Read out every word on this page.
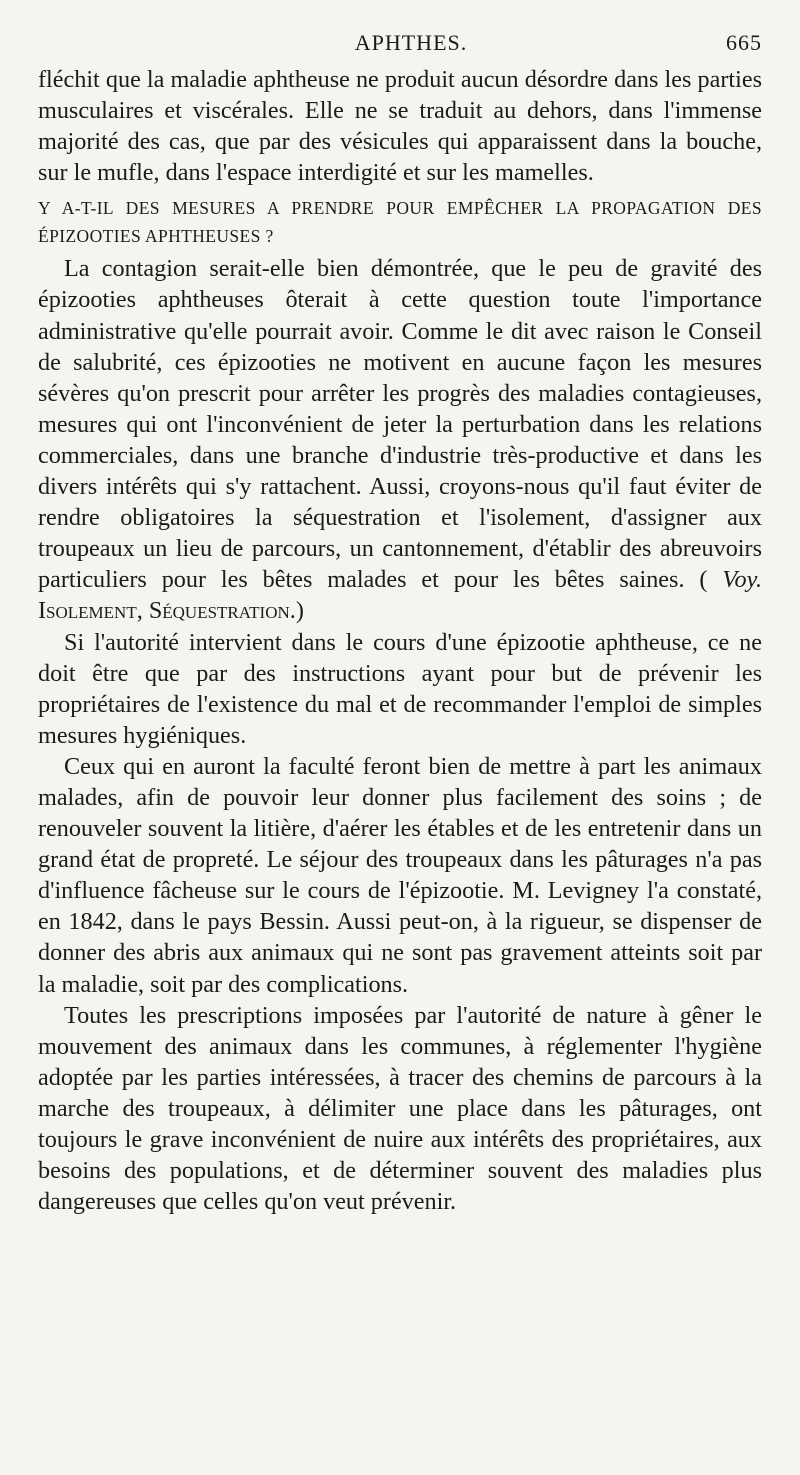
APHTHES.	665

fléchit que la maladie aphtheuse ne produit aucun désordre dans les parties musculaires et viscérales. Elle ne se traduit au dehors, dans l'immense majorité des cas, que par des vésicules qui apparaissent dans la bouche, sur le mufle, dans l'espace interdigité et sur les mamelles.

Y A-T-IL DES MESURES A PRENDRE POUR EMPÊCHER LA PROPAGATION DES ÉPIZOOTIES APHTHEUSES ?

La contagion serait-elle bien démontrée, que le peu de gravité des épizooties aphtheuses ôterait à cette question toute l'importance administrative qu'elle pourrait avoir. Comme le dit avec raison le Conseil de salubrité, ces épizooties ne motivent en aucune façon les mesures sévères qu'on prescrit pour arrêter les progrès des maladies contagieuses, mesures qui ont l'inconvénient de jeter la perturbation dans les relations commerciales, dans une branche d'industrie très-productive et dans les divers intérêts qui s'y rattachent. Aussi, croyons-nous qu'il faut éviter de rendre obligatoires la séquestration et l'isolement, d'assigner aux troupeaux un lieu de parcours, un cantonnement, d'établir des abreuvoirs particuliers pour les bêtes malades et pour les bêtes saines. ( Voy. Isolement, Séquestration.)

Si l'autorité intervient dans le cours d'une épizootie aphtheuse, ce ne doit être que par des instructions ayant pour but de prévenir les propriétaires de l'existence du mal et de recommander l'emploi de simples mesures hygiéniques.

Ceux qui en auront la faculté feront bien de mettre à part les animaux malades, afin de pouvoir leur donner plus facilement des soins ; de renouveler souvent la litière, d'aérer les étables et de les entretenir dans un grand état de propreté. Le séjour des troupeaux dans les pâturages n'a pas d'influence fâcheuse sur le cours de l'épizootie. M. Levigney l'a constaté, en 1842, dans le pays Bessin. Aussi peut-on, à la rigueur, se dispenser de donner des abris aux animaux qui ne sont pas gravement atteints soit par la maladie, soit par des complications.

Toutes les prescriptions imposées par l'autorité de nature à gêner le mouvement des animaux dans les communes, à réglementer l'hygiène adoptée par les parties intéressées, à tracer des chemins de parcours à la marche des troupeaux, à délimiter une place dans les pâturages, ont toujours le grave inconvénient de nuire aux intérêts des propriétaires, aux besoins des populations, et de déterminer souvent des maladies plus dangereuses que celles qu'on veut prévenir.
